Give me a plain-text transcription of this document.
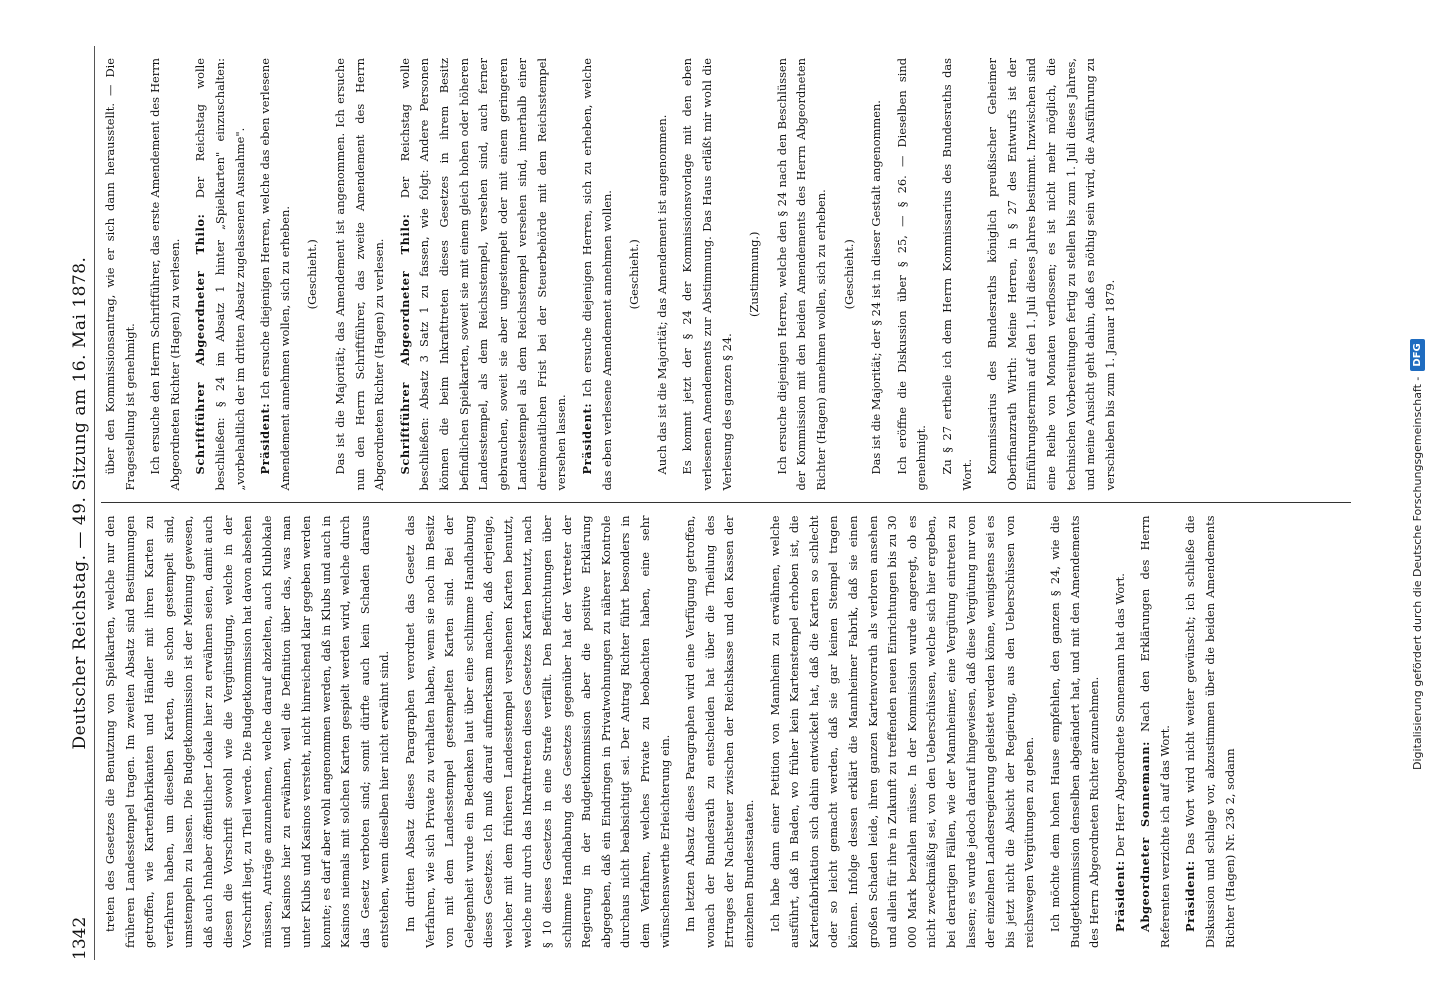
1342
Deutscher Reichstag. — 49. Sitzung am 16. Mai 1878. treten des Gesetzes die Benutzung von Spielkarten, welche nur den früheren Landesstempel tragen. Im zweiten Absatz sind Bestimmungen getroffen, wie Kartenfabrikanten und Händler mit ihren Karten zu verfahren haben, um dieselben Karten, die schon gestempelt sind, umstempeln zu lassen. Die Budgetkommission ist der Meinung gewesen, daß auch Inhaber öffentlicher Lokale hier zu erwähnen seien, damit auch diesen die Vorschrift sowohl wie die Vergünstigung, welche in der Vorschrift liegt, zu Theil werde. Die Budgetkommission hat davon absehen müssen, Anträge anzunehmen, welche darauf abzielten, auch Klublokale und Kasinos hier zu erwähnen, weil die Definition über das, was man unter Klubs und Kasinos versteht, nicht hinreichend klar gegeben werden konnte; es darf aber wohl angenommen werden, daß in Klubs und auch in Kasinos niemals mit solchen Karten gespielt werden wird, welche durch das Gesetz verboten sind; somit dürfte auch kein Schaden daraus entstehen, wenn dieselben hier nicht erwähnt sind.	Im dritten Absatz dieses Paragraphen verordnet das Gesetz das Verfahren, wie sich Private zu verhalten haben, wenn sie noch im Besitz von mit dem Landesstempel gestempelten Karten sind. Bei der Gelegenheit wurde ein Bedenken laut über eine schlimme Handhabung dieses Gesetzes. Ich muß darauf aufmerksam machen, daß derjenige, welcher mit dem früheren Landesstempel versehenen Karten benutzt, welche nur durch das Inkrafttreten dieses Gesetzes Karten benutzt, nach § 10 dieses Gesetzes in eine Strafe verfällt. Den Befürchtungen über schlimme Handhabung des Gesetzes gegenüber hat der Vertreter der Regierung in der Budgetkommission aber die positive Erklärung abgegeben, daß ein Eindringen in Privatwohnungen zu näherer Kontrole durchaus nicht beabsichtigt sei. Der Antrag Richter führt besonders in dem Verfahren, welches Private zu beobachten haben, eine sehr wünschenswerthe Erleichterung ein.	Im letzten Absatz dieses Paragraphen wird eine Verfügung getroffen, wonach der Bundesrath zu entscheiden hat über die Theilung des Ertrages der Nachsteuer zwischen der Reichskasse und den Kassen der einzelnen Bundesstaaten.	Ich habe dann einer Petition von Mannheim zu erwähnen, welche ausführt, daß in Baden, wo früher kein Kartenstempel erhoben ist, die Kartenfabrikation sich dahin entwickelt hat, daß die Karten so schlecht oder so leicht gemacht werden, daß sie gar keinen Stempel tragen können. Infolge dessen erklärt die Mannheimer Fabrik, daß sie einen großen Schaden leide, ihren ganzen Kartenvorrath als verloren ansehen und allein für ihre in Zukunft zu treffenden neuen Einrichtungen bis zu 30 000 Mark bezahlen müsse. In der Kommission wurde angeregt, ob es nicht zweckmäßig sei, von den Ueberschüssen, welche sich hier ergeben, bei derartigen Fällen, wie der Mannheimer, eine Vergütung eintreten zu lassen; es wurde jedoch darauf hingewiesen, daß diese Vergütung nur von der einzelnen Landesregierung geleistet werden könne, wenigstens sei es bis jetzt nicht die Absicht der Regierung, aus den Ueberschüssen von reichswegen Vergütungen zu geben.	Ich möchte dem hohen Hause empfehlen, den ganzen § 24, wie die Budgetkommission denselben abgeändert hat, und mit den Amendements des Herrn Abgeordneten Richter anzunehmen.	Präsident: Der Herr Abgeordnete Sonnemann hat das Wort.	Abgeordneter Sonnemann: Nach den Erklärungen des Herrn Referenten verzichte ich auf das Wort.	Präsident: Das Wort wird nicht weiter gewünscht; ich schließe die Diskussion und schlage vor, abzustimmen über die beiden Amendements Richter (Hagen) Nr. 236 2, sodann

über den Kommissionsantrag, wie er sich dann herausstellt. — Die Fragestellung ist genehmigt.	Ich ersuche den Herrn Schriftführer, das erste Amendement des Herrn Abgeordneten Richter (Hagen) zu verlesen.	Schriftführer Abgeordneter Thilo: Der Reichstag wolle beschließen: § 24 im Absatz 1 hinter „Spielkarten" einzuschalten: „vorbehaltlich der im dritten Absatz zugelassenen Ausnahme".	Präsident: Ich ersuche diejenigen Herren, welche das eben verlesene Amendement annehmen wollen, sich zu erheben.	(Geschieht.)	Das ist die Majorität; das Amendement ist angenommen. Ich ersuche nun den Herrn Schriftführer, das zweite Amendement des Herrn Abgeordneten Richter (Hagen) zu verlesen.	Schriftführer Abgeordneter Thilo: Der Reichstag wolle beschließen: Absatz 3 Satz 1 zu fassen, wie folgt: Andere Personen können die beim Inkrafttreten dieses Gesetzes in ihrem Besitz befindlichen Spielkarten, soweit sie mit einem gleich hohen oder höheren Landesstempel, als dem Reichsstempel, versehen sind, auch ferner gebrauchen, soweit sie aber ungestempelt oder mit einem geringeren Landesstempel als dem Reichsstempel versehen sind, innerhalb einer dreimonatlichen Frist bei der Steuerbehörde mit dem Reichsstempel versehen lassen.	Präsident: Ich ersuche diejenigen Herren, sich zu erheben, welche das eben verlesene Amendement annehmen wollen.	(Geschieht.)	Auch das ist die Majorität; das Amendement ist angenommen.	Es kommt jetzt der § 24 der Kommissionsvorlage mit den eben verlesenen Amendements zur Abstimmung. Das Haus erläßt mir wohl die Verlesung des ganzen § 24.

(Zustimmung.)	Ich ersuche diejenigen Herren, welche den § 24 nach den Beschlüssen der Kommission mit den beiden Amendements des Herrn Abgeordneten Richter (Hagen) annehmen wollen, sich zu erheben.	(Geschieht.)	Das ist die Majorität; der § 24 ist in dieser Gestalt angenommen.	Ich eröffne die Diskussion über § 25, — § 26. — Dieselben sind genehmigt.	Zu § 27 ertheile ich dem Herrn Kommissarius des Bundesraths das Wort.

Kommissarius des Bundesraths königlich preußischer Geheimer Oberfinanzrath Wirth: Meine Herren, in § 27 des Entwurfs ist der Einführungstermin auf den 1. Juli dieses Jahres bestimmt. Inzwischen sind eine Reihe von Monaten verflossen; es ist nicht mehr möglich, die technischen Vorbereitungen fertig zu stellen bis zum 1. Juli dieses Jahres, und meine Ansicht geht dahin, daß es nöthig sein wird, die Ausführung zu verschieben bis zum 1. Januar 1879.	Digitalisierung gefördert durch die Deutsche Forschungsgemeinschaft -
DFG
